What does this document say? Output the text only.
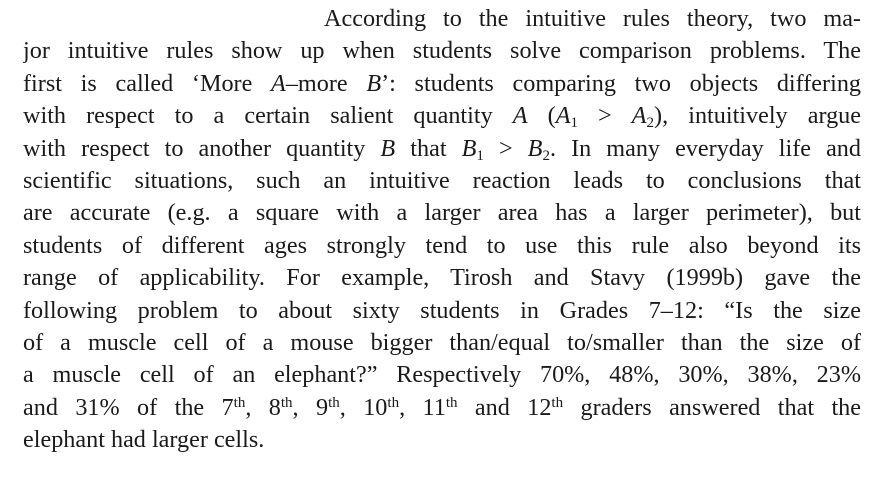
According to the intuitive rules theory, two ma-
jor intuitive rules show up when students solve comparison problems. The
first is called ‘More A–more B’: students comparing two objects differing
with respect to a certain salient quantity A $(A_1 > A_2)$, intuitively argue
with respect to another quantity B that $B_1 > B_2$. In many everyday life and
scientific situations, such an intuitive reaction leads to conclusions that
are accurate (e.g. a square with a larger area has a larger perimeter), but
students of different ages strongly tend to use this rule also beyond its
range of applicability. For example, Tirosh and Stavy (1999b) gave the
following problem to about sixty students in Grades 7–12: “Is the size
of a muscle cell of a mouse bigger than/equal to/smaller than the size of
a muscle cell of an elephant?” Respectively 70%, 48%, 30%, 38%, 23%
and 31% of the 7th, 8th, 9th, 10th, 11th and 12th graders answered that the
elephant had larger cells.
